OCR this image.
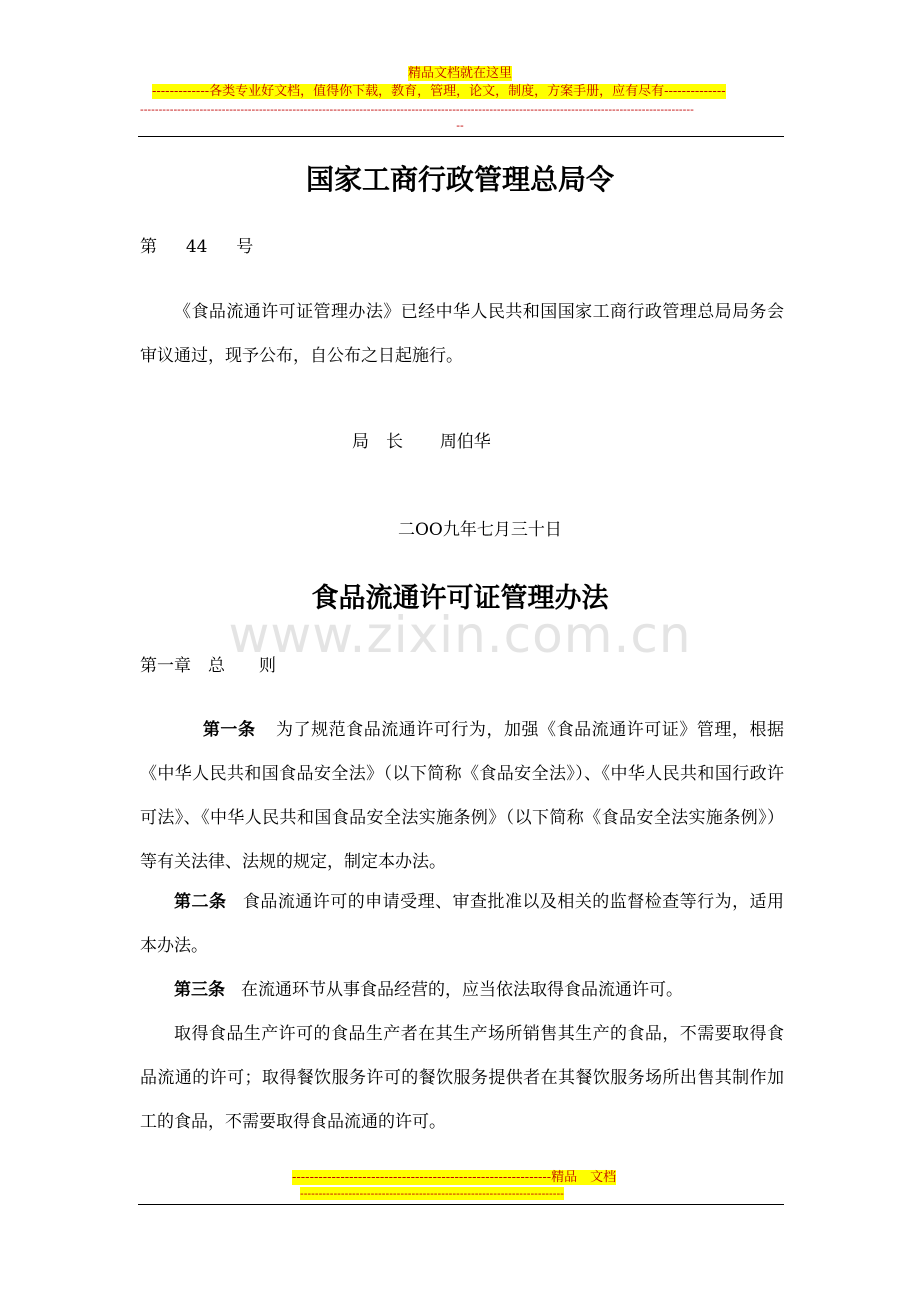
精品文档就在这里
-------------各类专业好文档，值得你下载，教育，管理，论文，制度，方案手册，应有尽有--------------
-----------------------------------------------------------------------------------------------------------------------------------------------------
--
国家工商行政管理总局令
第 44 号

《食品流通许可证管理办法》已经中华人民共和国国家工商行政管理总局局务会审议通过，现予公布，自公布之日起施行。

局　长 周伯华
二OO九年七月三十日
食品流通许可证管理办法
www.zixin.com.cn
第一章　总　　则

第一条 为了规范食品流通许可行为，加强《食品流通许可证》管理，根据《中华人民共和国食品安全法》（以下简称《食品安全法》）、《中华人民共和国行政许可法》、《中华人民共和国食品安全法实施条例》（以下简称《食品安全法实施条例》）等有关法律、法规的规定，制定本办法。

第二条 食品流通许可的申请受理、审查批准以及相关的监督检查等行为，适用本办法。

第三条 在流通环节从事食品经营的，应当依法取得食品流通许可。

取得食品生产许可的食品生产者在其生产场所销售其生产的食品，不需要取得食品流通的许可；取得餐饮服务许可的餐饮服务提供者在其餐饮服务场所出售其制作加工的食品，不需要取得食品流通的许可。

-----------------------------------------------------------精品　文档
-----------------------------------------------------------------------
